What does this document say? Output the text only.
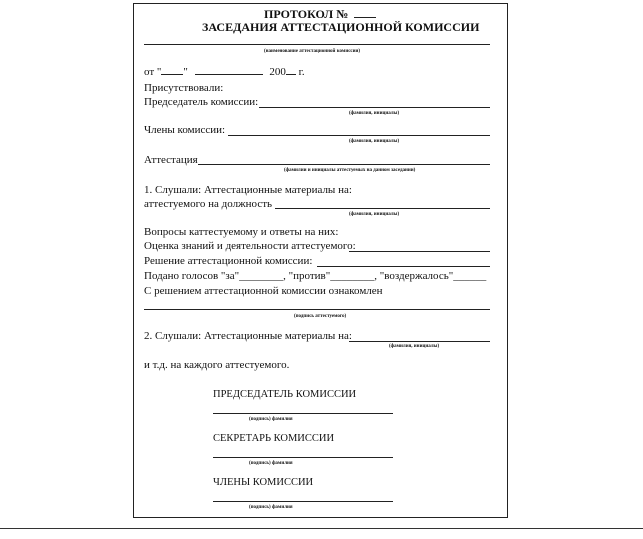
ПРОТОКОЛ №
ЗАСЕДАНИЯ АТТЕСТАЦИОННОЙ КОМИССИИ
(наименование аттестационной комиссии)
от " "	200 г.
Присутствовали:
Председатель комиссии:
(фамилия, инициалы)
Члены комиссии:
(фамилия, инициалы)
Аттестация
(фамилии и инициалы аттестуемых на данном заседании)
1. Слушали: Аттестационные материалы на:
аттестуемого на должность
(фамилия, инициалы)
Вопросы каттестуемому и ответы на них:
Оценка знаний и деятельности аттестуемого:
Решение аттестационной комиссии:
Подано голосов "за"________, "против"________, "воздержалось"______
С решением аттестационной комиссии ознакомлен
(подпись аттестуемого)
2. Слушали: Аттестационные материалы на:
(фамилия, инициалы)
и т.д. на каждого аттестуемого.
ПРЕДСЕДАТЕЛЬ КОМИССИИ
(подпись) фамилия
СЕКРЕТАРЬ КОМИССИИ
(подпись) фамилия
ЧЛЕНЫ КОМИССИИ
(подпись) фамилия
